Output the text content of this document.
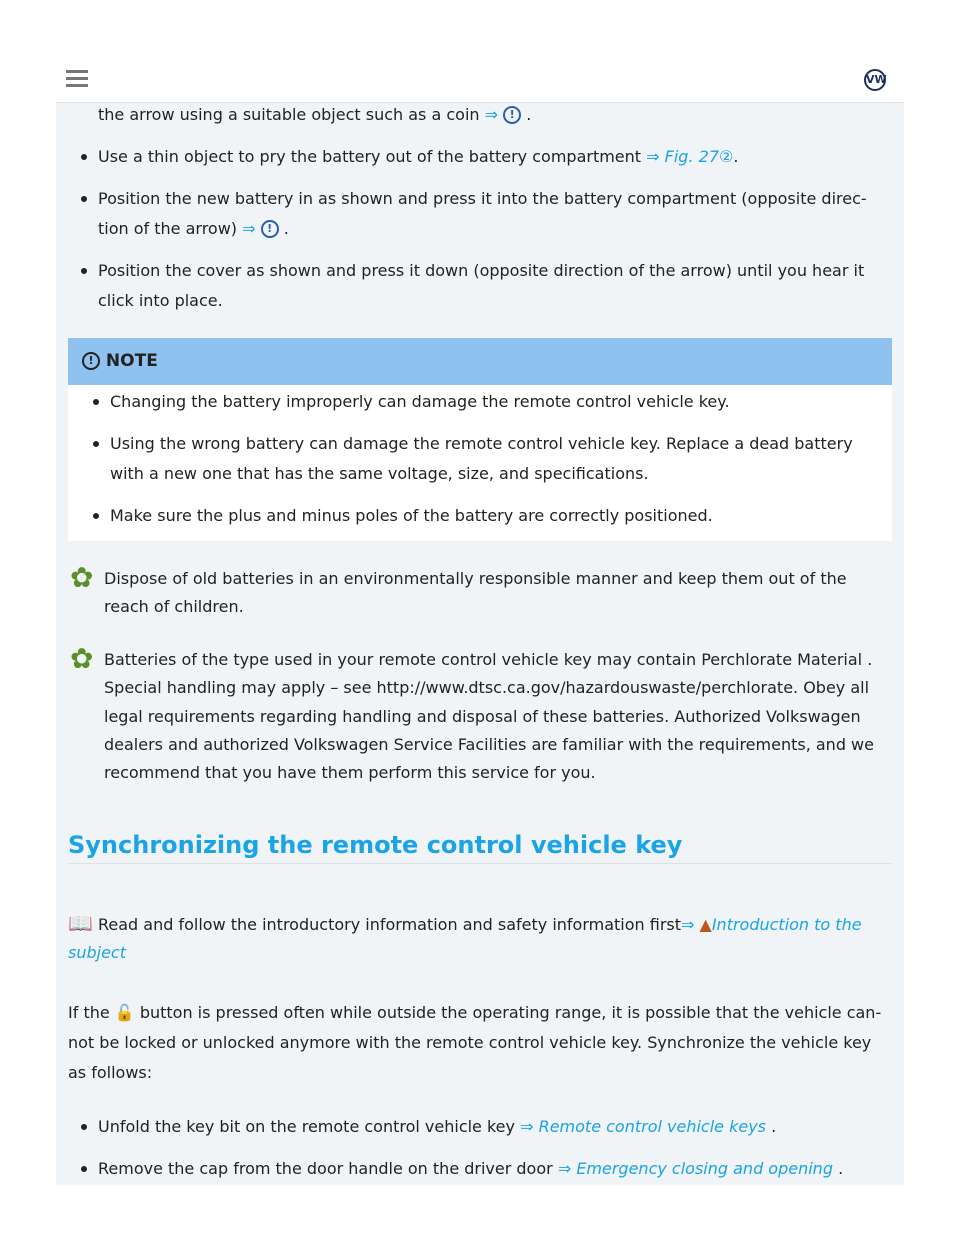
VW
the arrow using a suitable object such as a coin ⇒ ! .
Use a thin object to pry the battery out of the battery compartment ⇒ Fig. 27②.
Position the new battery in as shown and press it into the battery compartment (opposite direc-
tion of the arrow) ⇒ ! .
Position the cover as shown and press it down (opposite direction of the arrow) until you hear it
click into place.
! NOTE
Changing the battery improperly can damage the remote control vehicle key.
Using the wrong battery can damage the remote control vehicle key. Replace a dead battery
with a new one that has the same voltage, size, and specifications.
Make sure the plus and minus poles of the battery are correctly positioned.
✿ Dispose of old batteries in an environmentally responsible manner and keep them out of the
reach of children.
✿ Batteries of the type used in your remote control vehicle key may contain Perchlorate Material .
Special handling may apply – see http://www.dtsc.ca.gov/hazardouswaste/perchlorate. Obey all
legal requirements regarding handling and disposal of these batteries. Authorized Volkswagen
dealers and authorized Volkswagen Service Facilities are familiar with the requirements, and we
recommend that you have them perform this service for you.
Synchronizing the remote control vehicle key
📖 Read and follow the introductory information and safety information first⇒ ▲Introduction to the
subject
If the 🔓 button is pressed often while outside the operating range, it is possible that the vehicle can-
not be locked or unlocked anymore with the remote control vehicle key. Synchronize the vehicle key
as follows:
Unfold the key bit on the remote control vehicle key ⇒ Remote control vehicle keys .
Remove the cap from the door handle on the driver door ⇒ Emergency closing and opening .
